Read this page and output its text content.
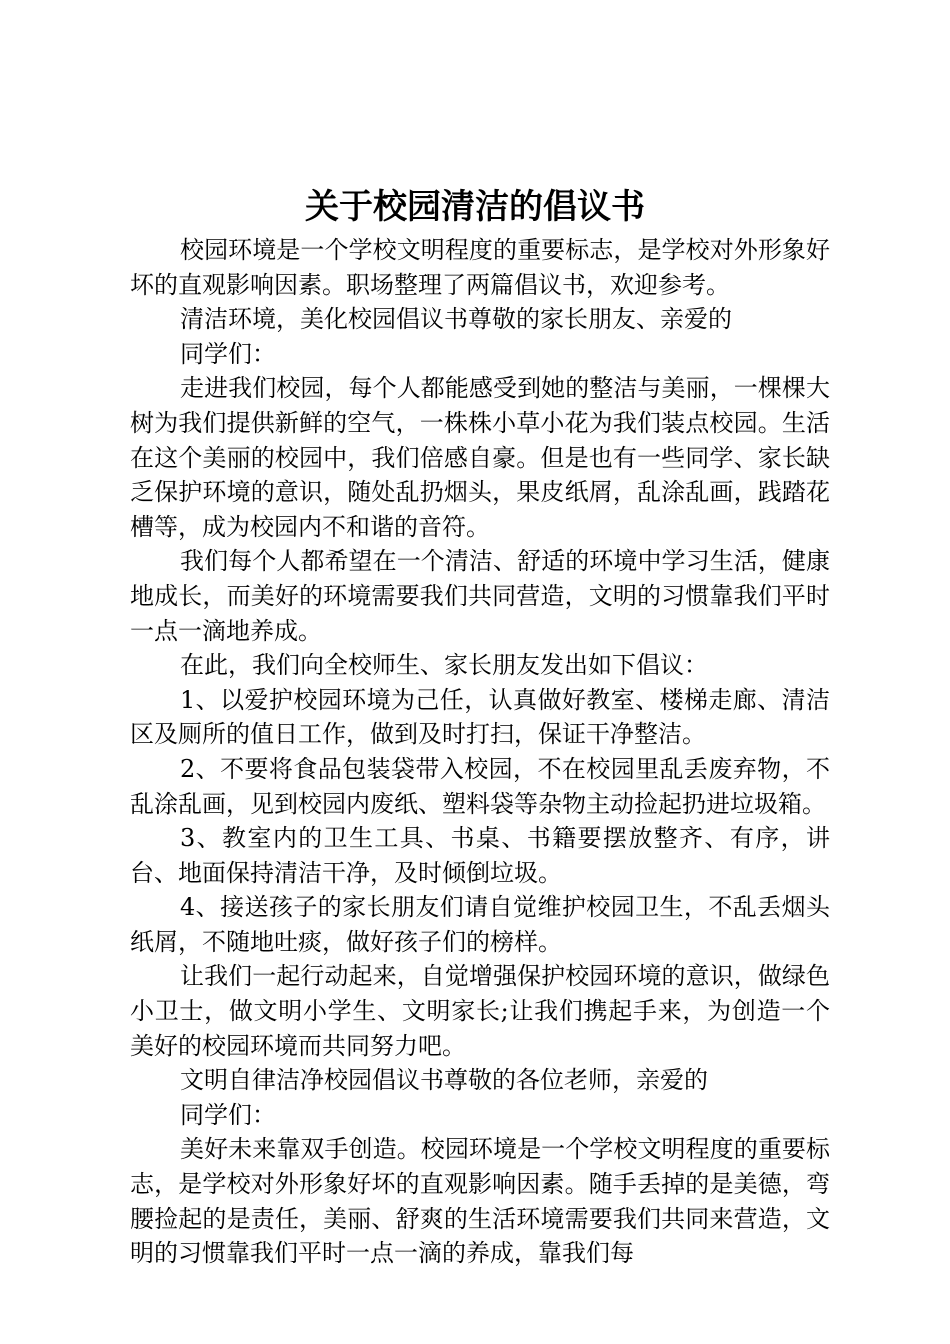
关于校园清洁的倡议书

校园环境是一个学校文明程度的重要标志，是学校对外形象好坏的直观影响因素。职场整理了两篇倡议书，欢迎参考。

清洁环境，美化校园倡议书尊敬的家长朋友、亲爱的

同学们：

走进我们校园，每个人都能感受到她的整洁与美丽，一棵棵大树为我们提供新鲜的空气，一株株小草小花为我们装点校园。生活在这个美丽的校园中，我们倍感自豪。但是也有一些同学、家长缺乏保护环境的意识，随处乱扔烟头，果皮纸屑，乱涂乱画，践踏花槽等，成为校园内不和谐的音符。

我们每个人都希望在一个清洁、舒适的环境中学习生活，健康地成长，而美好的环境需要我们共同营造，文明的习惯靠我们平时一点一滴地养成。

在此，我们向全校师生、家长朋友发出如下倡议：

1、以爱护校园环境为己任，认真做好教室、楼梯走廊、清洁区及厕所的值日工作，做到及时打扫，保证干净整洁。

2、不要将食品包装袋带入校园，不在校园里乱丢废弃物，不乱涂乱画，见到校园内废纸、塑料袋等杂物主动捡起扔进垃圾箱。

3、教室内的卫生工具、书桌、书籍要摆放整齐、有序，讲台、地面保持清洁干净，及时倾倒垃圾。

4、接送孩子的家长朋友们请自觉维护校园卫生，不乱丢烟头纸屑，不随地吐痰，做好孩子们的榜样。

让我们一起行动起来，自觉增强保护校园环境的意识，做绿色小卫士，做文明小学生、文明家长;让我们携起手来，为创造一个美好的校园环境而共同努力吧。

文明自律洁净校园倡议书尊敬的各位老师，亲爱的

同学们：

美好未来靠双手创造。校园环境是一个学校文明程度的重要标志，是学校对外形象好坏的直观影响因素。随手丢掉的是美德，弯腰捡起的是责任，美丽、舒爽的生活环境需要我们共同来营造，文明的习惯靠我们平时一点一滴的养成，靠我们每
